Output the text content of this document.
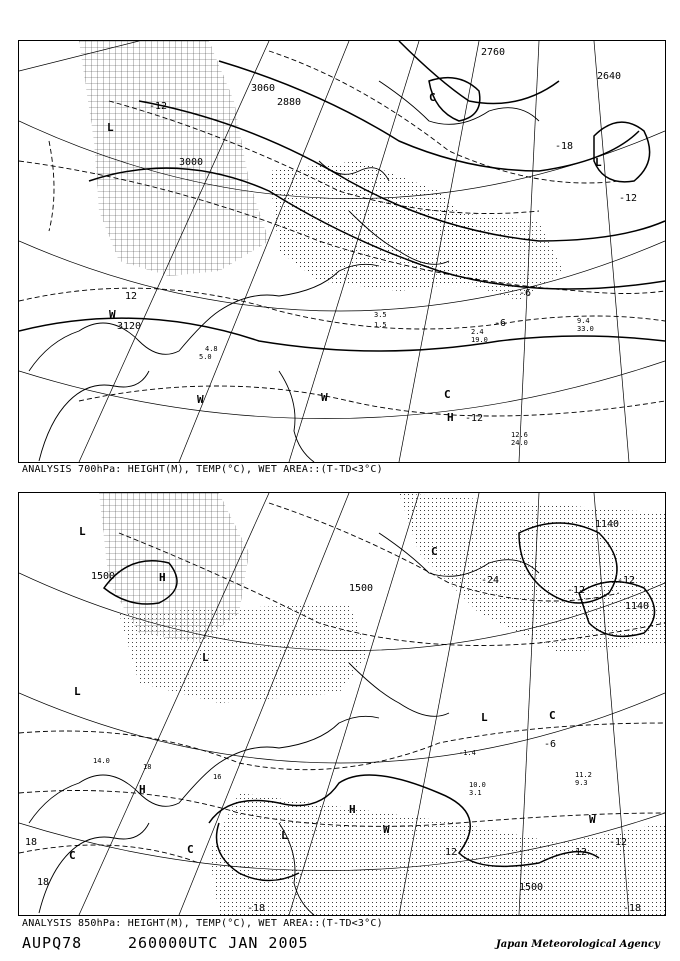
3000
3120
2880
2760
2640
3060
-12
-18
-6
12
-12
-6
-12
L
C
W
W	W
H
L
C
2.4
19.0
9.4
33.0
12.6
24.0
5.0
3.5
4.8
1.5
ANALYSIS 700hPa: HEIGHT(M), TEMP(°C), WET AREA::(T-TD<3°C)
1500
1500
1140
1500
1140
12
-6
-12
-24
-12
18
18
-18	-18
12
-12
L
H
L
H
C	C
L
W
W
H
L
L	C
C
11.2
9.3
10.0
3.1
14.0
18
16
-1.4
ANALYSIS 850hPa: HEIGHT(M), TEMP(°C), WET AREA::(T-TD<3°C)
AUPQ78	260000UTC JAN 2005	Japan Meteorological Agency
